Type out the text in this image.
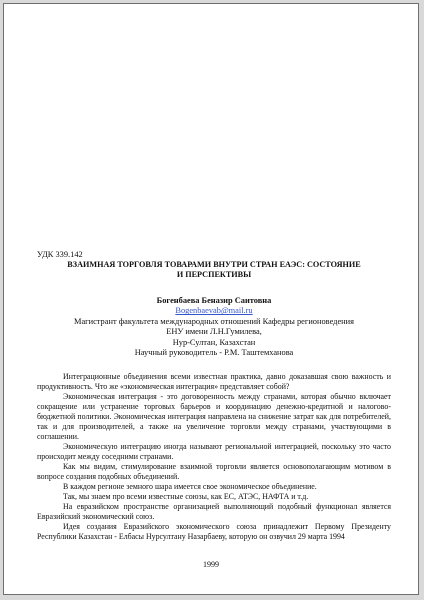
УДК 339.142

ВЗАИМНАЯ ТОРГОВЛЯ ТОВАРАМИ ВНУТРИ СТРАН ЕАЭС: СОСТОЯНИЕ

И ПЕРСПЕКТИВЫ

Богенбаева Беназир Саитовна
Bogenbaevab@mail.ru
Магистрант факультета международных отношений Кафедры регионоведения
ЕНУ имени Л.Н.Гумилева,
Нур-Султан, Казахстан
Научный руководитель - Р.М. Таштемханова

Интеграционные объединения всеми известная практика, давно доказавшая свою важность и продуктивность. Что же «экономическая интеграция» представляет собой?

Экономическая интеграция - это договоренность между странами, которая обычно включает сокращение или устранение торговых барьеров и координацию денежно-кредитной и налогово-бюджетной политики. Экономическая интеграция направлена на снижение затрат как для потребителей, так и для производителей, а также на увеличение торговли между странами, участвующими в соглашении.

Экономическую интеграцию иногда называют региональной интеграцией, поскольку это часто происходит между соседними странами.

Как мы видим, стимулирование взаимной торговли является основополагающим мотивом в вопросе создания подобных объединений.

В каждом регионе земного шара имеется свое экономическое объединение.

Так, мы знаем про всеми известные союзы, как ЕС, АТЭС, НАФТА и т.д.

На евразийском пространстве организацией выполняющий подобный функционал является Евразийский экономический союз.

Идея создания Евразийского экономического союза принадлежит Первому Президенту Республики Казахстан - Елбасы Нурсултану Назарбаеву, которую он озвучил 29 марта 1994

1999
